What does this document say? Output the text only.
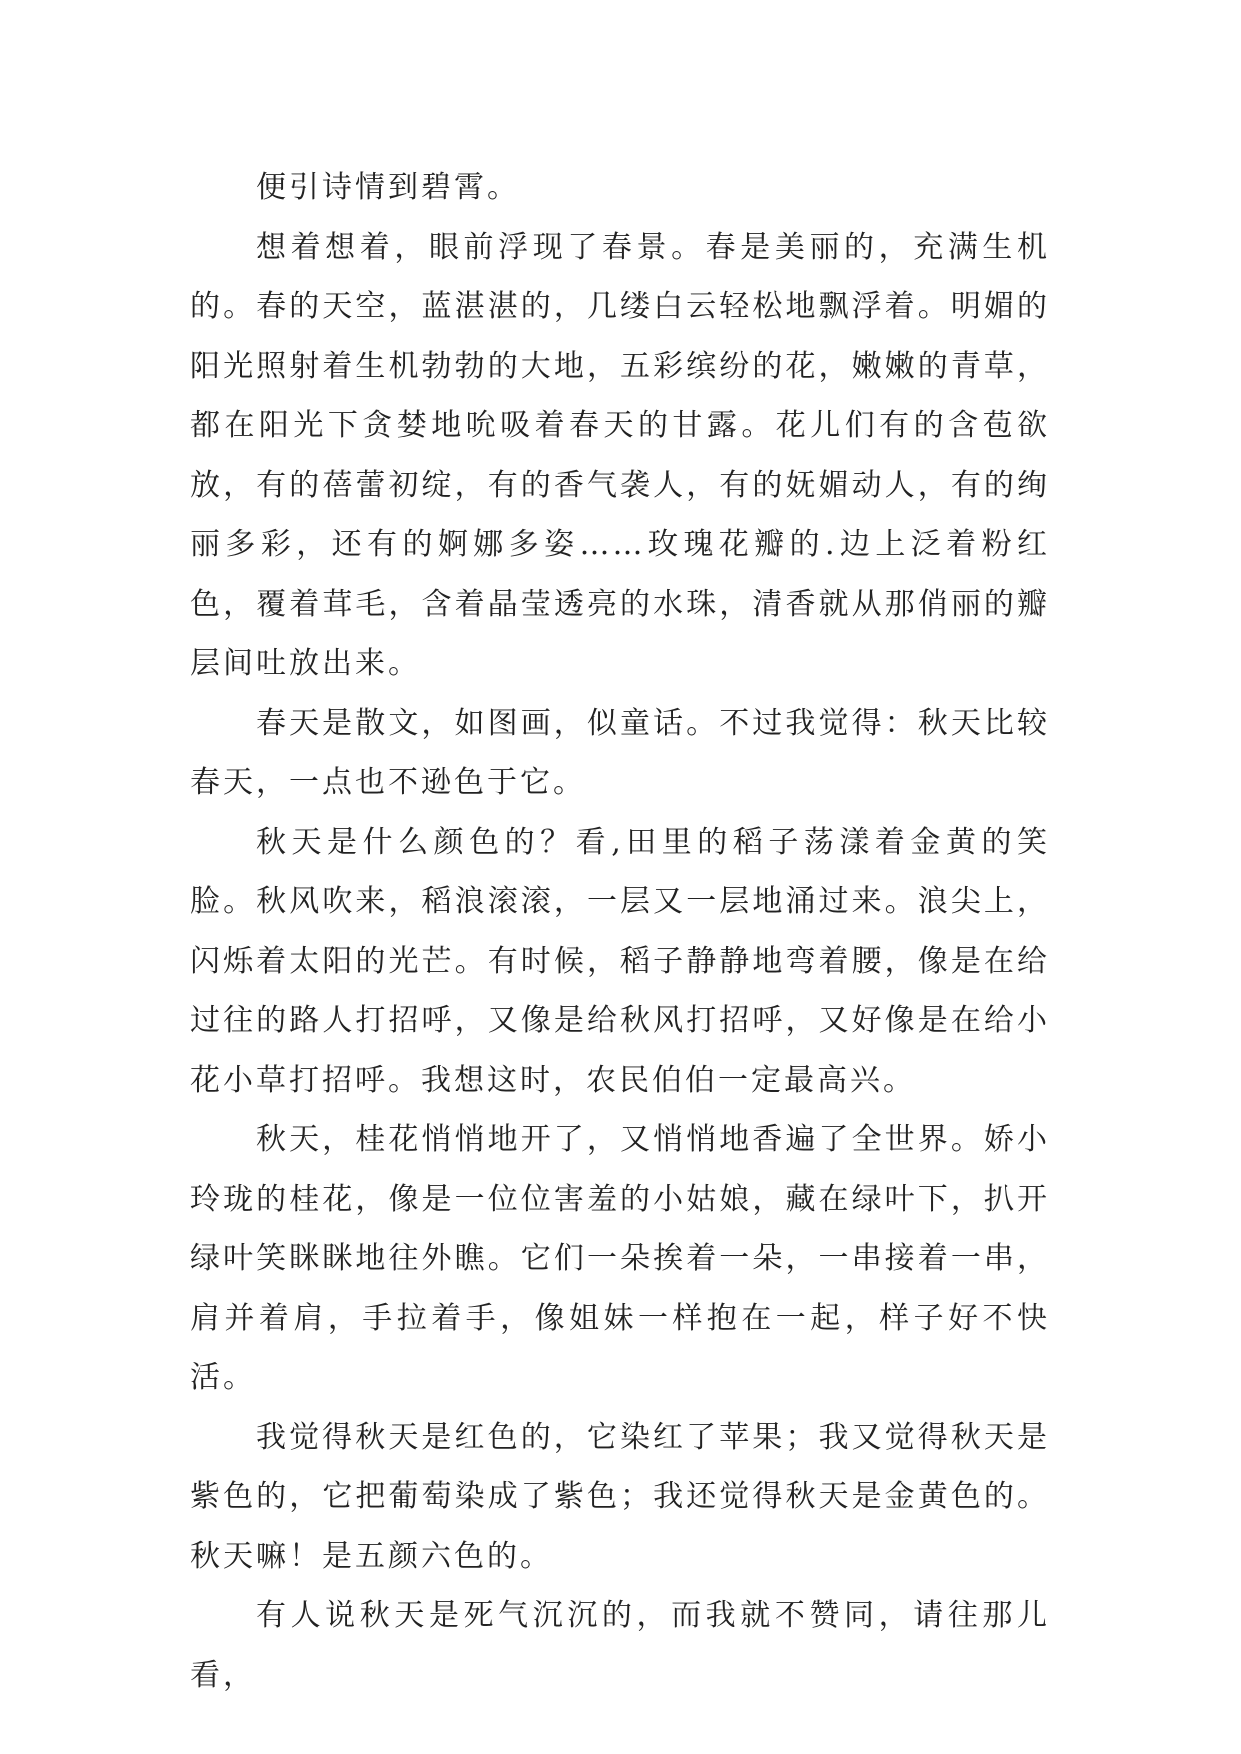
便引诗情到碧霄。

想着想着，眼前浮现了春景。春是美丽的，充满生机的。春的天空，蓝湛湛的，几缕白云轻松地飘浮着。明媚的阳光照射着生机勃勃的大地，五彩缤纷的花，嫩嫩的青草，都在阳光下贪婪地吮吸着春天的甘露。花儿们有的含苞欲放，有的蓓蕾初绽，有的香气袭人，有的妩媚动人，有的绚丽多彩，还有的婀娜多姿……玫瑰花瓣的.边上泛着粉红色，覆着茸毛，含着晶莹透亮的水珠，清香就从那俏丽的瓣层间吐放出来。

春天是散文，如图画，似童话。不过我觉得：秋天比较春天，一点也不逊色于它。

秋天是什么颜色的？看,田里的稻子荡漾着金黄的笑脸。秋风吹来，稻浪滚滚，一层又一层地涌过来。浪尖上，闪烁着太阳的光芒。有时候，稻子静静地弯着腰，像是在给过往的路人打招呼，又像是给秋风打招呼，又好像是在给小花小草打招呼。我想这时，农民伯伯一定最高兴。

秋天，桂花悄悄地开了，又悄悄地香遍了全世界。娇小玲珑的桂花，像是一位位害羞的小姑娘，藏在绿叶下，扒开绿叶笑眯眯地往外瞧。它们一朵挨着一朵，一串接着一串，肩并着肩，手拉着手，像姐妹一样抱在一起，样子好不快活。

我觉得秋天是红色的，它染红了苹果；我又觉得秋天是紫色的，它把葡萄染成了紫色；我还觉得秋天是金黄色的。秋天嘛！是五颜六色的。

有人说秋天是死气沉沉的，而我就不赞同，请往那儿看，
